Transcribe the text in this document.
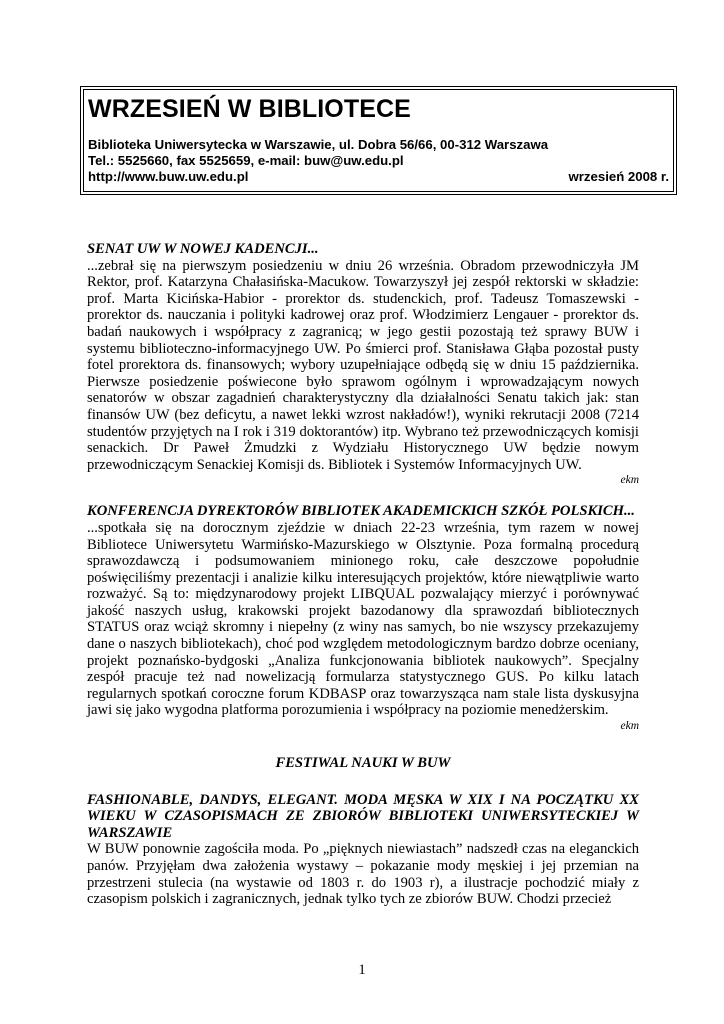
WRZESIEŃ W BIBLIOTECE
Biblioteka Uniwersytecka w Warszawie, ul. Dobra 56/66, 00-312 Warszawa
Tel.: 5525660, fax 5525659, e-mail: buw@uw.edu.pl
http://www.buw.uw.edu.pl	wrzesień 2008 r.

SENAT UW W NOWEJ KADENCJI...

...zebrał się na pierwszym posiedzeniu w dniu 26 września. Obradom przewodniczyła JM Rektor, prof. Katarzyna Chałasińska-Macukow. Towarzyszył jej zespół rektorski w składzie: prof. Marta Kicińska-Habior - prorektor ds. studenckich, prof. Tadeusz Tomaszewski - prorektor ds. nauczania i polityki kadrowej oraz prof. Włodzimierz Lengauer - prorektor ds. badań naukowych i współpracy z zagranicą; w jego gestii pozostają też sprawy BUW i systemu biblioteczno-informacyjnego UW. Po śmierci prof. Stanisława Głąba pozostał pusty fotel prorektora ds. finansowych; wybory uzupełniające odbędą się w dniu 15 października. Pierwsze posiedzenie poświecone było sprawom ogólnym i wprowadzającym nowych senatorów w obszar zagadnień charakterystyczny dla działalności Senatu takich jak: stan finansów UW (bez deficytu, a nawet lekki wzrost nakładów!), wyniki rekrutacji 2008 (7214 studentów przyjętych na I rok i 319 doktorantów) itp. Wybrano też przewodniczących komisji senackich. Dr Paweł Żmudzki z Wydziału Historycznego UW będzie nowym przewodniczącym Senackiej Komisji ds. Bibliotek i Systemów Informacyjnych UW.

ekm

KONFERENCJA DYREKTORÓW BIBLIOTEK AKADEMICKICH SZKÓŁ POLSKICH...

...spotkała się na dorocznym zjeździe w dniach 22-23 września, tym razem w nowej Bibliotece Uniwersytetu Warmińsko-Mazurskiego w Olsztynie. Poza formalną procedurą sprawozdawczą i podsumowaniem minionego roku, całe deszczowe popołudnie poświęciliśmy prezentacji i analizie kilku interesujących projektów, które niewątpliwie warto rozważyć. Są to: międzynarodowy projekt LIBQUAL pozwalający mierzyć i porównywać jakość naszych usług, krakowski projekt bazodanowy dla sprawozdań bibliotecznych STATUS oraz wciąż skromny i niepełny (z winy nas samych, bo nie wszyscy przekazujemy dane o naszych bibliotekach), choć pod względem metodologicznym bardzo dobrze oceniany, projekt poznańsko-bydgoski „Analiza funkcjonowania bibliotek naukowych”. Specjalny zespół pracuje też nad nowelizacją formularza statystycznego GUS. Po kilku latach regularnych spotkań coroczne forum KDBASP oraz towarzysząca nam stale lista dyskusyjna jawi się jako wygodna platforma porozumienia i współpracy na poziomie menedżerskim.

ekm

FESTIWAL NAUKI W BUW

FASHIONABLE, DANDYS, ELEGANT. MODA MĘSKA W XIX I NA POCZĄTKU XX WIEKU W CZASOPISMACH ZE ZBIORÓW BIBLIOTEKI UNIWERSYTECKIEJ W WARSZAWIE

W BUW ponownie zagościła moda. Po „pięknych niewiastach” nadszedł czas na eleganckich panów. Przyjęłam dwa założenia wystawy – pokazanie mody męskiej i jej przemian na przestrzeni stulecia (na wystawie od 1803 r. do 1903 r), a ilustracje pochodzić miały z czasopism polskich i zagranicznych, jednak tylko tych ze zbiorów BUW. Chodzi przecież

1
